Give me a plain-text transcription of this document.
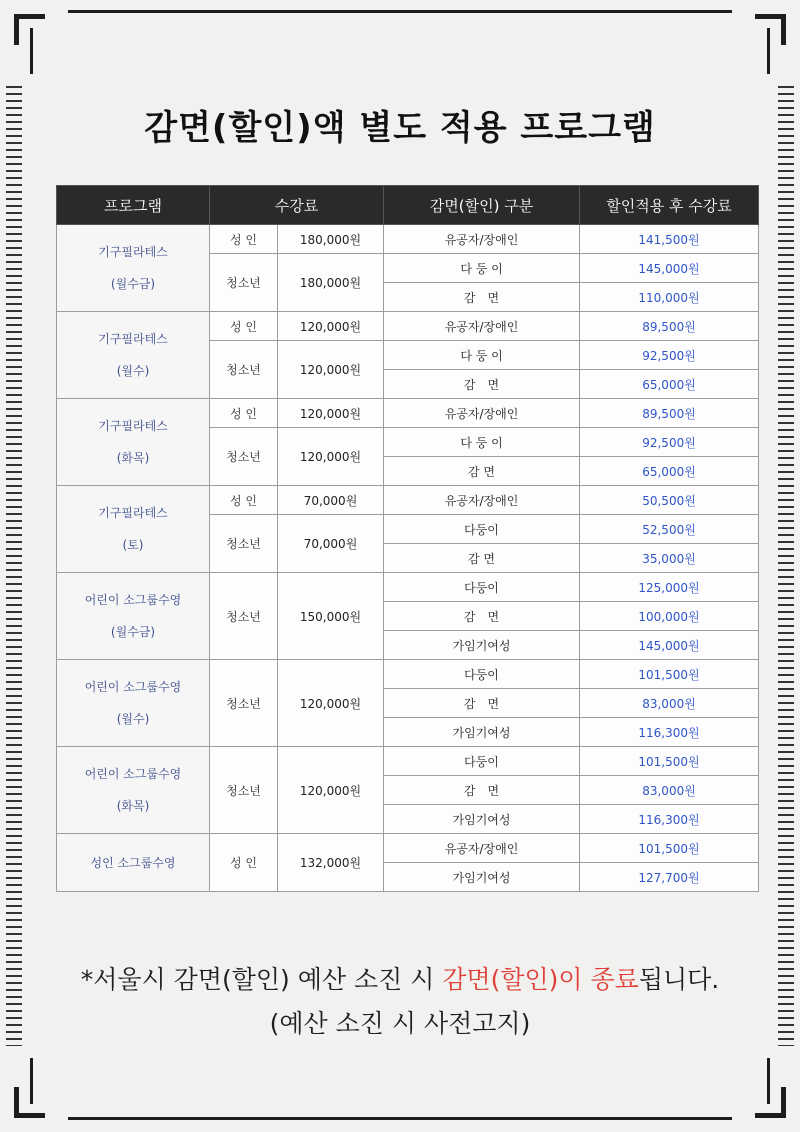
감면(할인)액 별도 적용 프로그램
프로그램	수강료		감면(할인) 구분	할인적용 후 수강료

기구필라테스
(월수금)	성 인	180,000원	유공자/장애인	141,500원
	청소년	180,000원	다 둥 이	145,000원
			감　면	110,000원

기구필라테스
(월수)	성 인	120,000원	유공자/장애인	89,500원
	청소년	120,000원	다 둥 이	92,500원
			감　면	65,000원

기구필라테스
(화목)	성 인	120,000원	유공자/장애인	89,500원
	청소년	120,000원	다 둥 이	92,500원
			감 면	65,000원

기구필라테스
(토)	성 인	70,000원	유공자/장애인	50,500원
	청소년	70,000원	다둥이	52,500원
			감 면	35,000원

어린이 소그룹수영
(월수금)	청소년	150,000원	다둥이	125,000원
			감　면	100,000원
			가임기여성	145,000원

어린이 소그룹수영
(월수)	청소년	120,000원	다둥이	101,500원
			감　면	83,000원
			가임기여성	116,300원

어린이 소그룹수영
(화목)	청소년	120,000원	다둥이	101,500원
			감　면	83,000원
			가임기여성	116,300원

성인 소그룹수영	성 인	132,000원	유공자/장애인	101,500원
			가임기여성	127,700원
*서울시 감면(할인) 예산 소진 시 감면(할인)이 종료됩니다.
(예산 소진 시 사전고지)
